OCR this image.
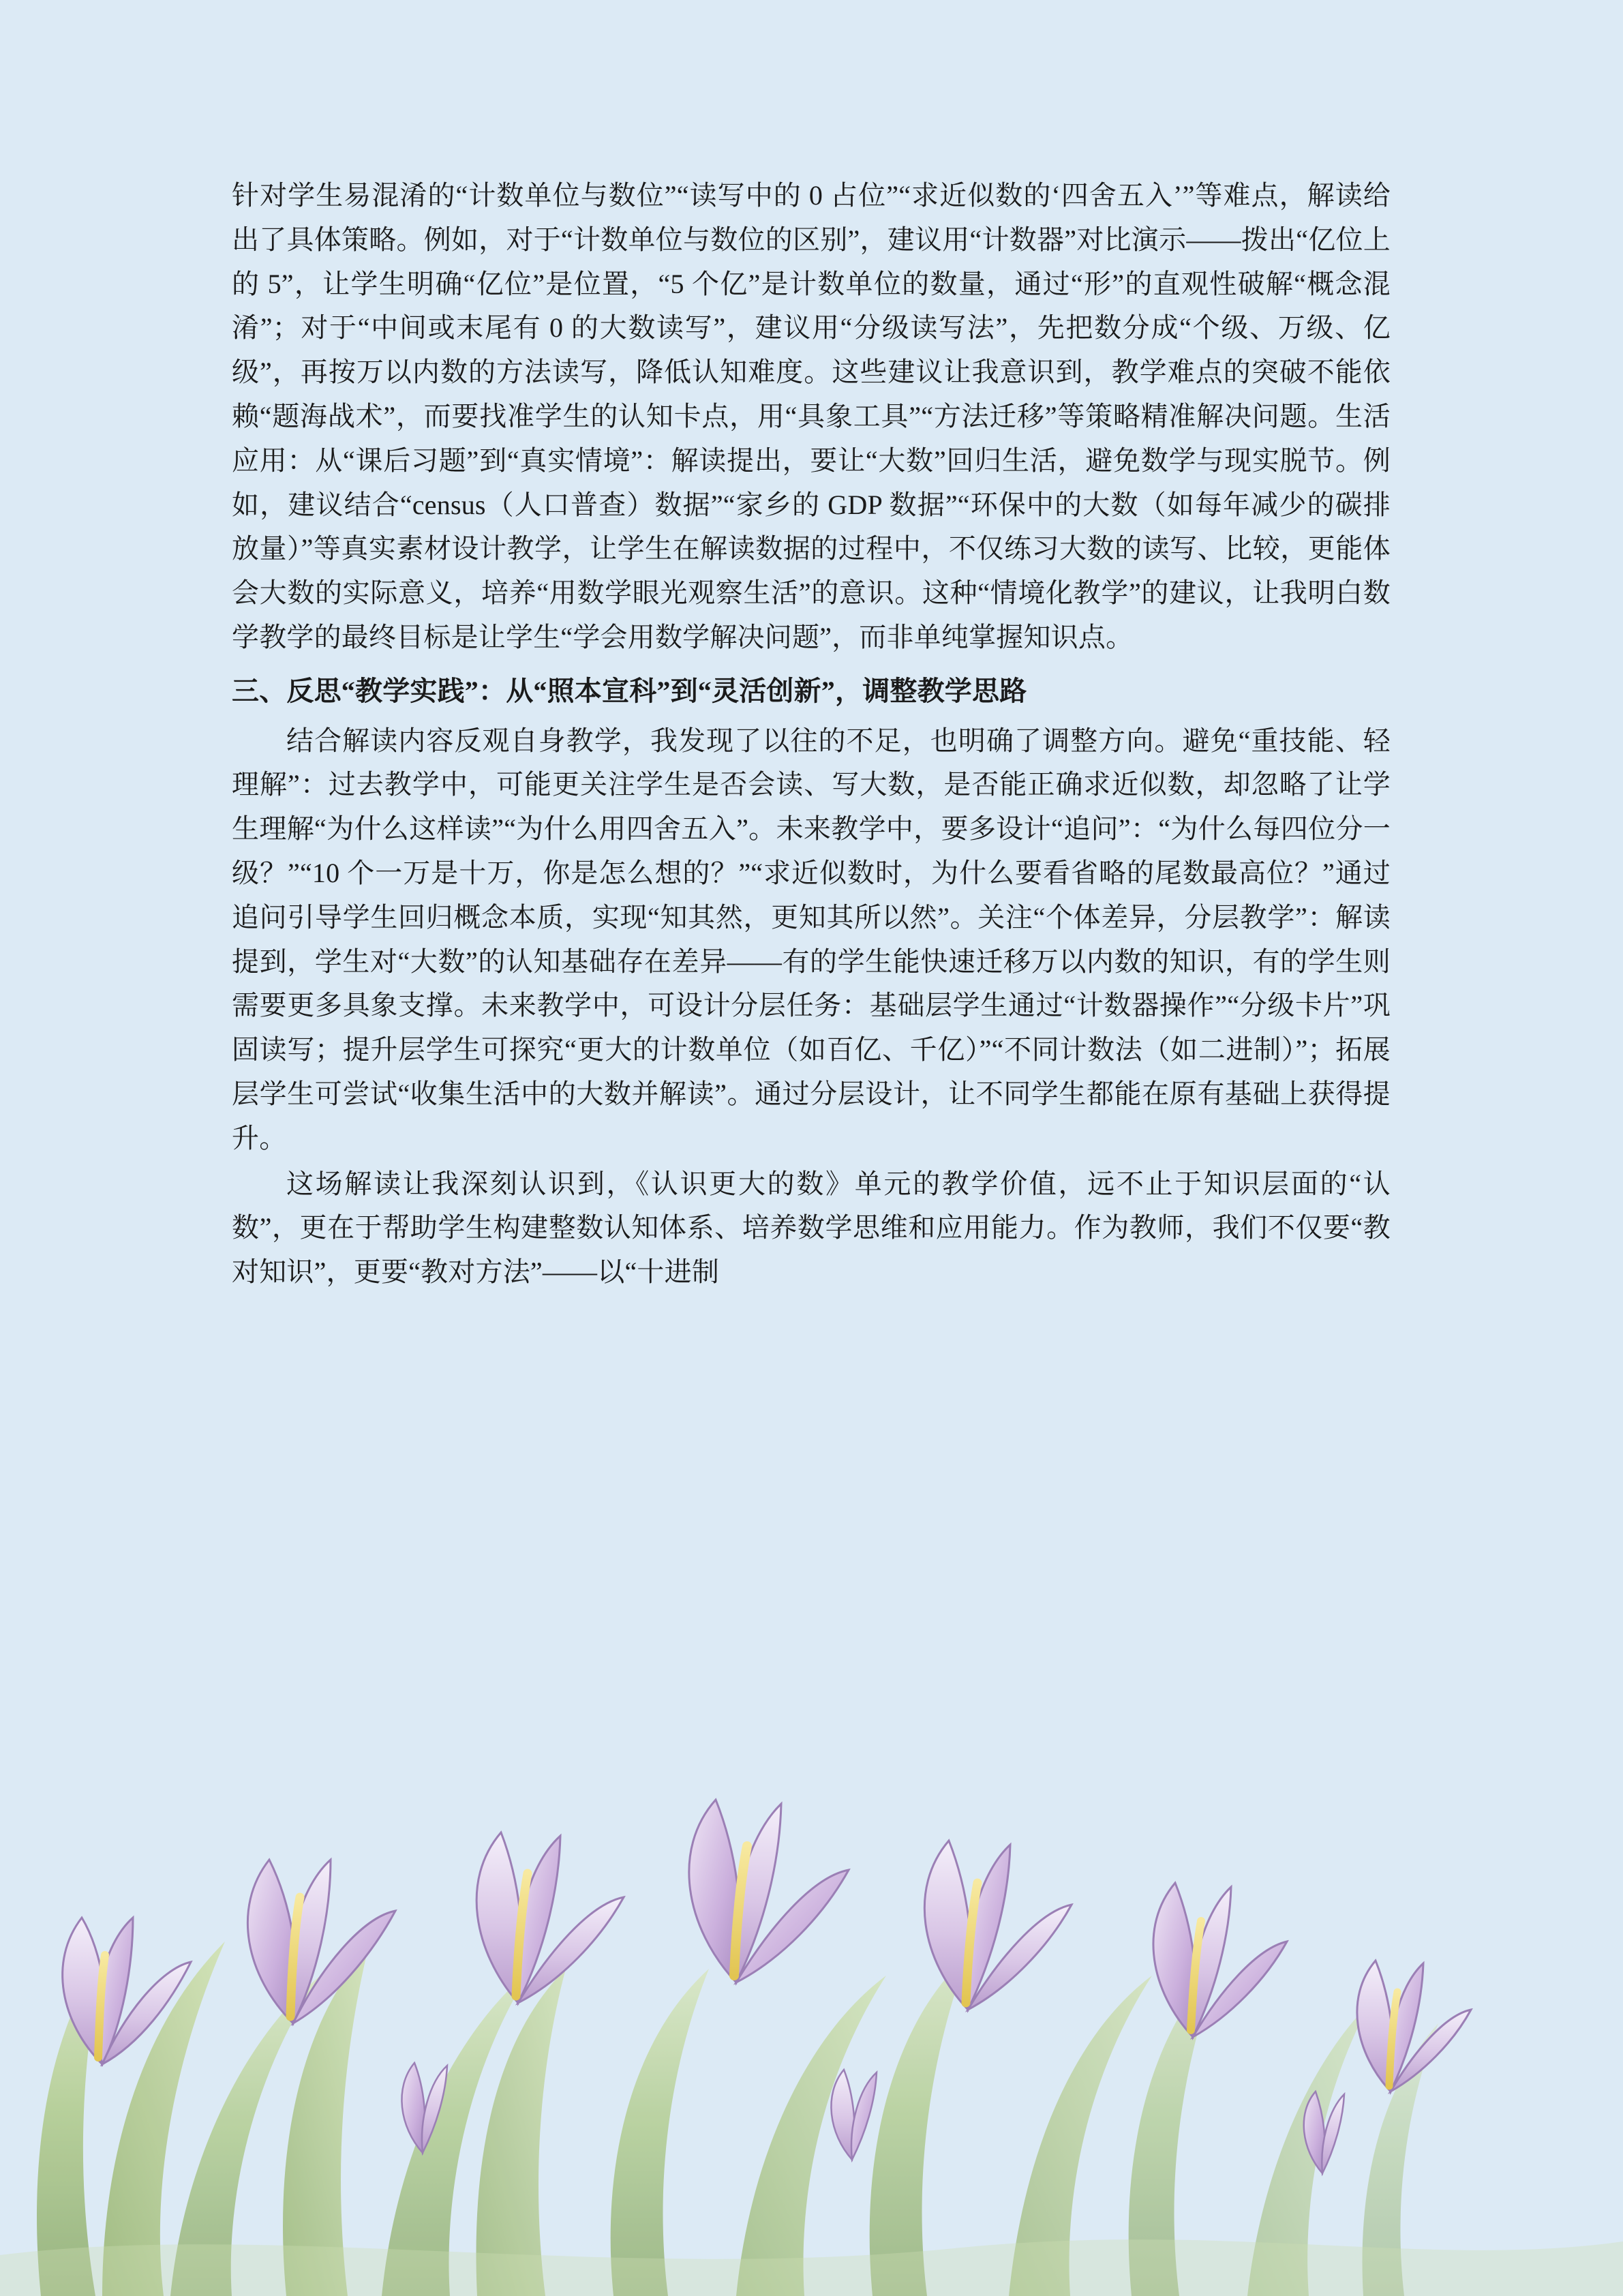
针对学生易混淆的“计数单位与数位”“读写中的 0 占位”“求近似数的‘四舍五入’”等难点，解读给出了具体策略。例如，对于“计数单位与数位的区别”，建议用“计数器”对比演示——拨出“亿位上的 5”，让学生明确“亿位”是位置，“5 个亿”是计数单位的数量，通过“形”的直观性破解“概念混淆”；对于“中间或末尾有 0 的大数读写”，建议用“分级读写法”，先把数分成“个级、万级、亿级”，再按万以内数的方法读写，降低认知难度。这些建议让我意识到，教学难点的突破不能依赖“题海战术”，而要找准学生的认知卡点，用“具象工具”“方法迁移”等策略精准解决问题。生活应用：从“课后习题”到“真实情境”：解读提出，要让“大数”回归生活，避免数学与现实脱节。例如，建议结合“census（人口普查）数据”“家乡的 GDP 数据”“环保中的大数（如每年减少的碳排放量）”等真实素材设计教学，让学生在解读数据的过程中，不仅练习大数的读写、比较，更能体会大数的实际意义，培养“用数学眼光观察生活”的意识。这种“情境化教学”的建议，让我明白数学教学的最终目标是让学生“学会用数学解决问题”，而非单纯掌握知识点。

三、反思“教学实践”：从“照本宣科”到“灵活创新”，调整教学思路

结合解读内容反观自身教学，我发现了以往的不足，也明确了调整方向。避免“重技能、轻理解”：过去教学中，可能更关注学生是否会读、写大数，是否能正确求近似数，却忽略了让学生理解“为什么这样读”“为什么用四舍五入”。未来教学中，要多设计“追问”：“为什么每四位分一级？”“10 个一万是十万，你是怎么想的？”“求近似数时，为什么要看省略的尾数最高位？”通过追问引导学生回归概念本质，实现“知其然，更知其所以然”。关注“个体差异，分层教学”：解读提到，学生对“大数”的认知基础存在差异——有的学生能快速迁移万以内数的知识，有的学生则需要更多具象支撑。未来教学中，可设计分层任务：基础层学生通过“计数器操作”“分级卡片”巩固读写；提升层学生可探究“更大的计数单位（如百亿、千亿）”“不同计数法（如二进制）”；拓展层学生可尝试“收集生活中的大数并解读”。通过分层设计，让不同学生都能在原有基础上获得提升。

这场解读让我深刻认识到，《认识更大的数》单元的教学价值，远不止于知识层面的“认数”，更在于帮助学生构建整数认知体系、培养数学思维和应用能力。作为教师，我们不仅要“教对知识”，更要“教对方法”——以“十进制
